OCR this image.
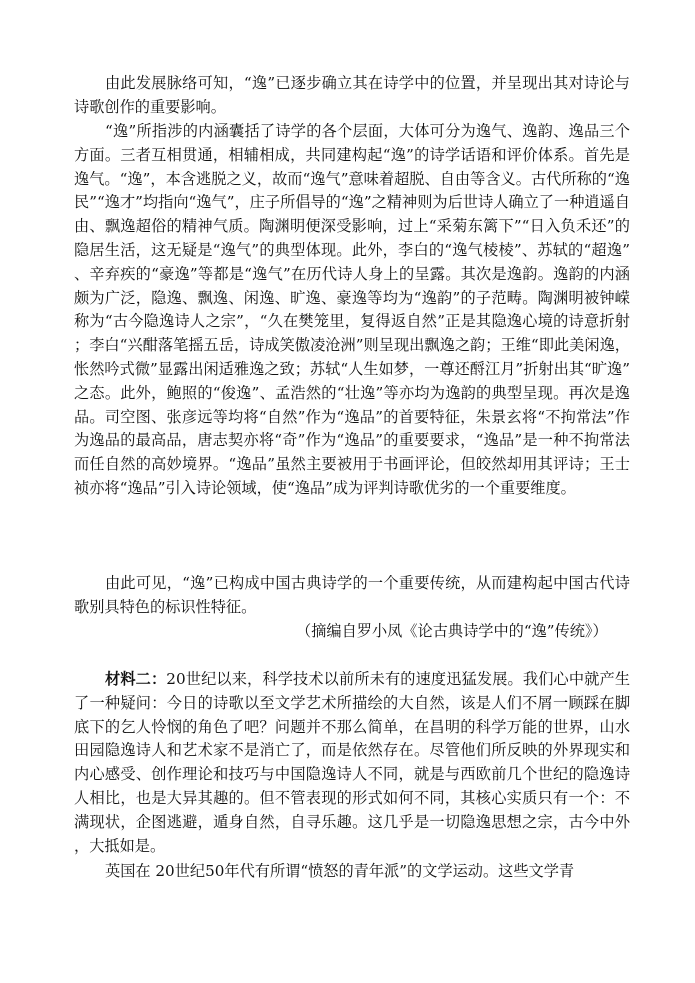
由此发展脉络可知，“逸”已逐步确立其在诗学中的位置，并呈现出其对诗论与诗歌创作的重要影响。

“逸”所指涉的内涵囊括了诗学的各个层面，大体可分为逸气、逸韵、逸品三个方面。三者互相贯通，相辅相成，共同建构起“逸”的诗学话语和评价体系。首先是逸气。“逸”，本含逃脱之义，故而“逸气”意味着超脱、自由等含义。古代所称的“逸民”“逸才”均指向“逸气”，庄子所倡导的“逸”之精神则为后世诗人确立了一种逍遥自由、飘逸超俗的精神气质。陶渊明便深受影响，过上“采菊东篱下”“日入负禾还”的隐居生活，这无疑是“逸气”的典型体现。此外，李白的“逸气棱棱”、苏轼的“超逸”、辛弃疾的“豪逸”等都是“逸气”在历代诗人身上的呈露。其次是逸韵。逸韵的内涵颇为广泛，隐逸、飘逸、闲逸、旷逸、豪逸等均为“逸韵”的子范畴。陶渊明被钟嵘称为“古今隐逸诗人之宗”，“久在樊笼里，复得返自然”正是其隐逸心境的诗意折射；李白“兴酣落笔摇五岳，诗成笑傲凌沧洲”则呈现出飘逸之韵；王维“即此美闲逸，怅然吟式微”显露出闲适雅逸之致；苏轼“人生如梦，一尊还酹江月”折射出其“旷逸”之态。此外，鲍照的“俊逸”、孟浩然的“壮逸”等亦均为逸韵的典型呈现。再次是逸品。司空图、张彦远等均将“自然”作为“逸品”的首要特征，朱景玄将“不拘常法”作为逸品的最高品，唐志契亦将“奇”作为“逸品”的重要要求，“逸品”是一种不拘常法而任自然的高妙境界。“逸品”虽然主要被用于书画评论，但皎然却用其评诗；王士祯亦将“逸品”引入诗论领域，使“逸品”成为评判诗歌优劣的一个重要维度。

由此可见，“逸”已构成中国古典诗学的一个重要传统，从而建构起中国古代诗歌别具特色的标识性特征。

（摘编自罗小凤《论古典诗学中的“逸”传统》）

材料二：20世纪以来，科学技术以前所未有的速度迅猛发展。我们心中就产生了一种疑问：今日的诗歌以至文学艺术所描绘的大自然，该是人们不屑一顾踩在脚底下的乞人怜悯的角色了吧？问题并不那么简单，在昌明的科学万能的世界，山水田园隐逸诗人和艺术家不是消亡了，而是依然存在。尽管他们所反映的外界现实和内心感受、创作理论和技巧与中国隐逸诗人不同，就是与西欧前几个世纪的隐逸诗人相比，也是大异其趣的。但不管表现的形式如何不同，其核心实质只有一个：不满现状，企图逃避，遁身自然，自寻乐趣。这几乎是一切隐逸思想之宗，古今中外，大抵如是。

英国在 20世纪50年代有所谓“愤怒的青年派”的文学运动。这些文学青
